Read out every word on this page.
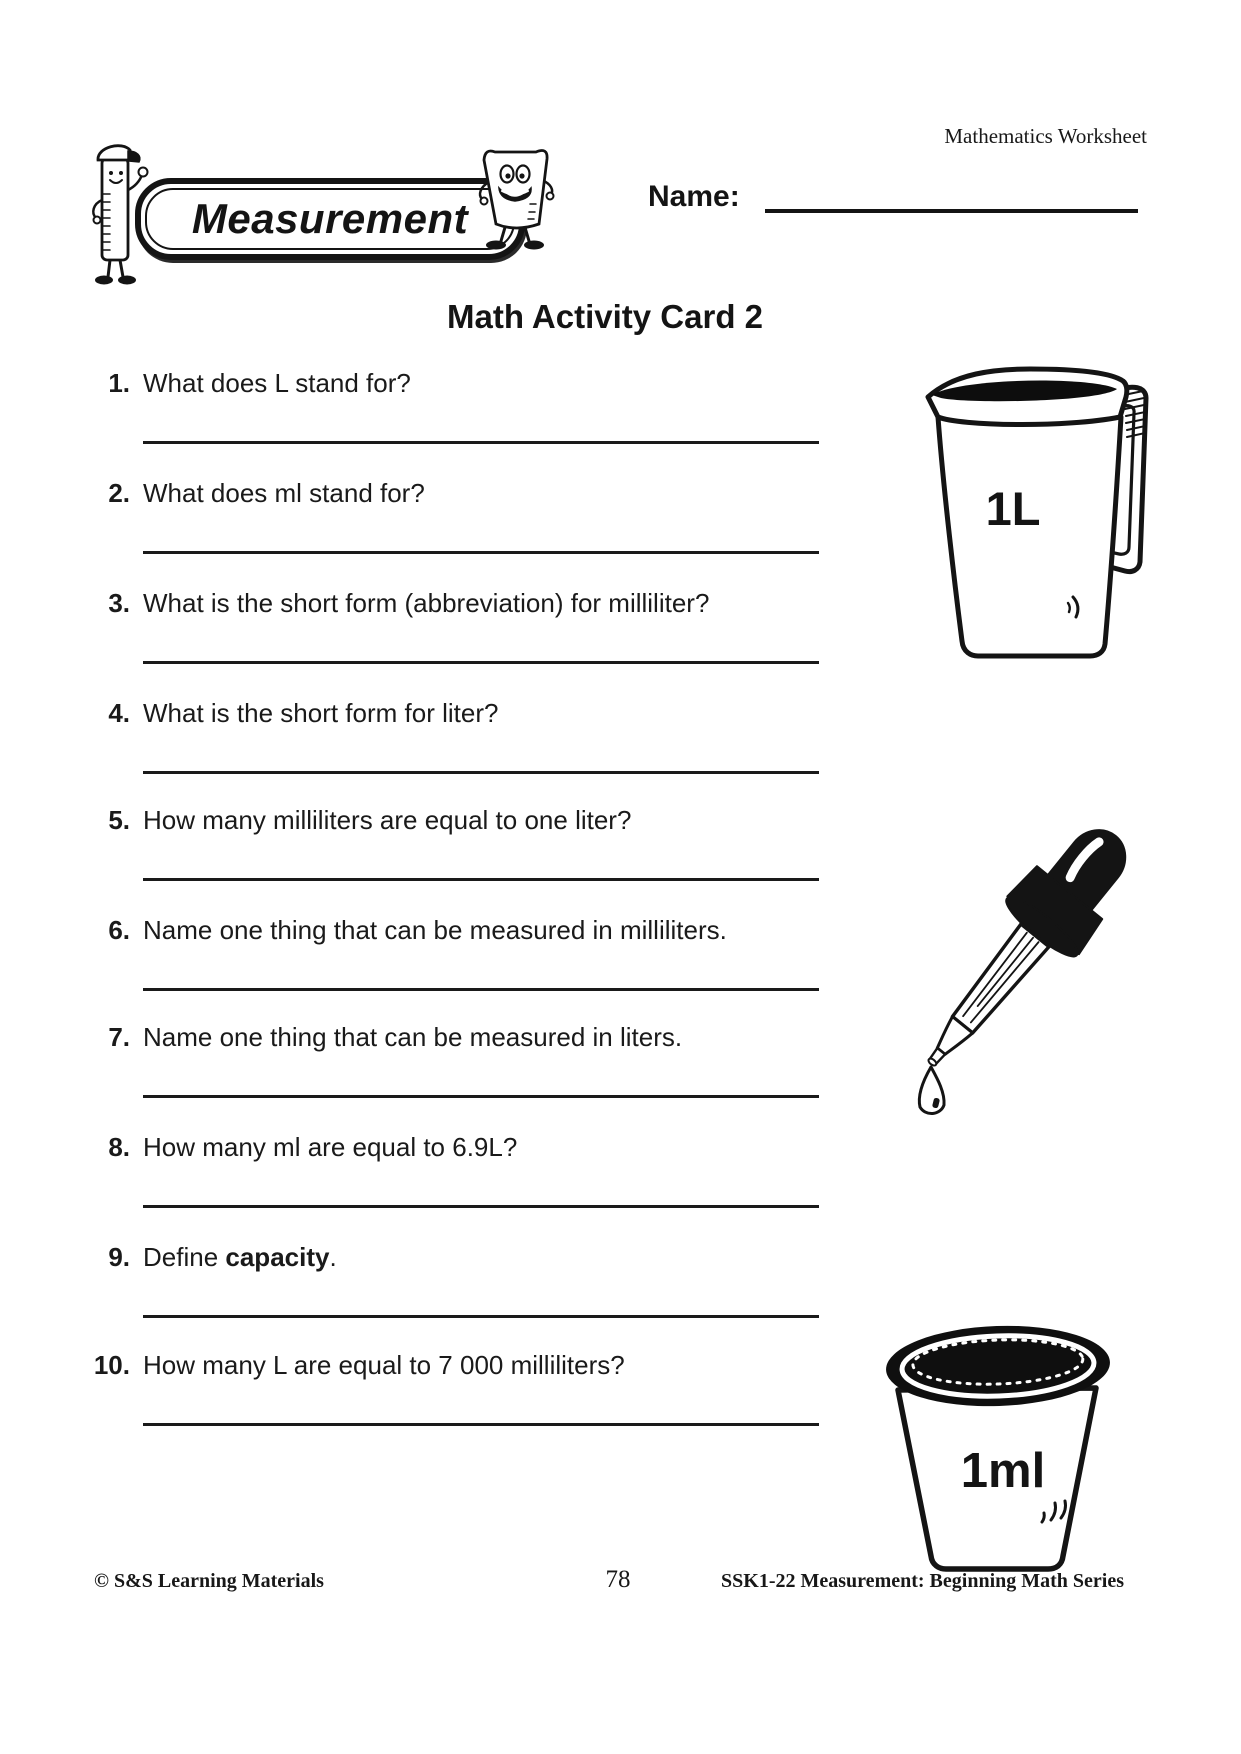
Mathematics Worksheet
Measurement	Name:
Math Activity Card 2
1. What does L stand for?
2. What does ml stand for?
3. What is the short form (abbreviation) for milliliter?
4. What is the short form for liter?
5. How many milliliters are equal to one liter?
6. Name one thing that can be measured in milliliters.
7. Name one thing that can be measured in liters.
8. How many ml are equal to 6.9L?
9. Define capacity.
10. How many L are equal to 7 000 milliliters?
1L
1ml
© S&S Learning Materials	78	SSK1-22 Measurement: Beginning Math Series
